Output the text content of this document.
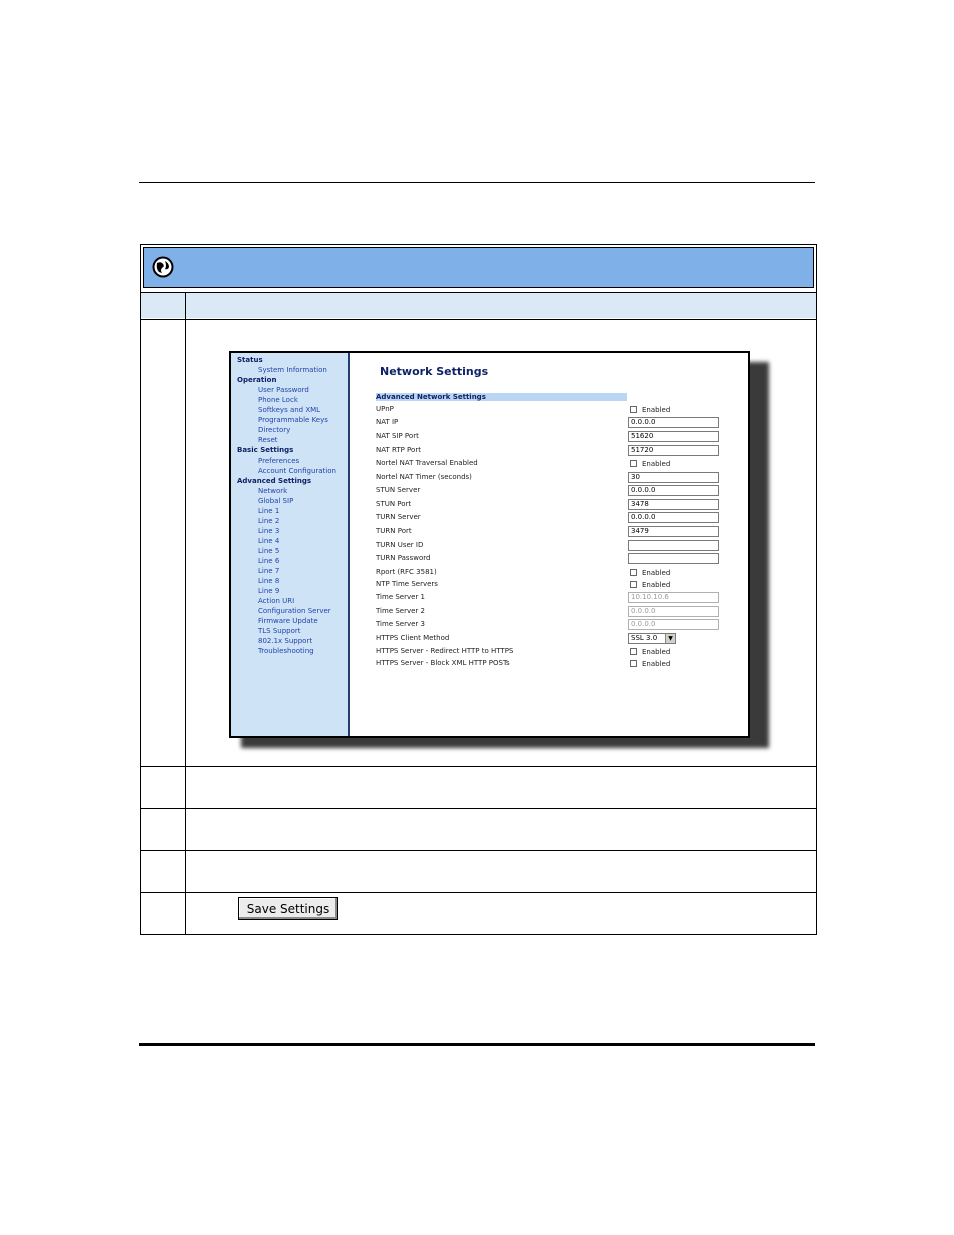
Status
System Information
Operation
User Password
Phone Lock
Softkeys and XML
Programmable Keys
Directory
Reset
Basic Settings
Preferences
Account Configuration
Advanced Settings
Network
Global SIP
Line 1
Line 2
Line 3
Line 4
Line 5
Line 6
Line 7
Line 8
Line 9
Action URI
Configuration Server
Firmware Update
TLS Support
802.1x Support
Troubleshooting
Network Settings
Advanced Network Settings
UPnP	Enabled
NAT IP	0.0.0.0
NAT SIP Port	51620
NAT RTP Port	51720
Nortel NAT Traversal Enabled	Enabled
Nortel NAT Timer (seconds)	30
STUN Server	0.0.0.0
STUN Port	3478
TURN Server	0.0.0.0
TURN Port	3479
TURN User ID
TURN Password
Rport (RFC 3581)	Enabled
NTP Time Servers	Enabled
Time Server 1	10.10.10.6
Time Server 2	0.0.0.0
Time Server 3	0.0.0.0
HTTPS Client Method	SSL 3.0	▼
HTTPS Server - Redirect HTTP to HTTPS	Enabled
HTTPS Server - Block XML HTTP POSTs	Enabled
Save Settings
